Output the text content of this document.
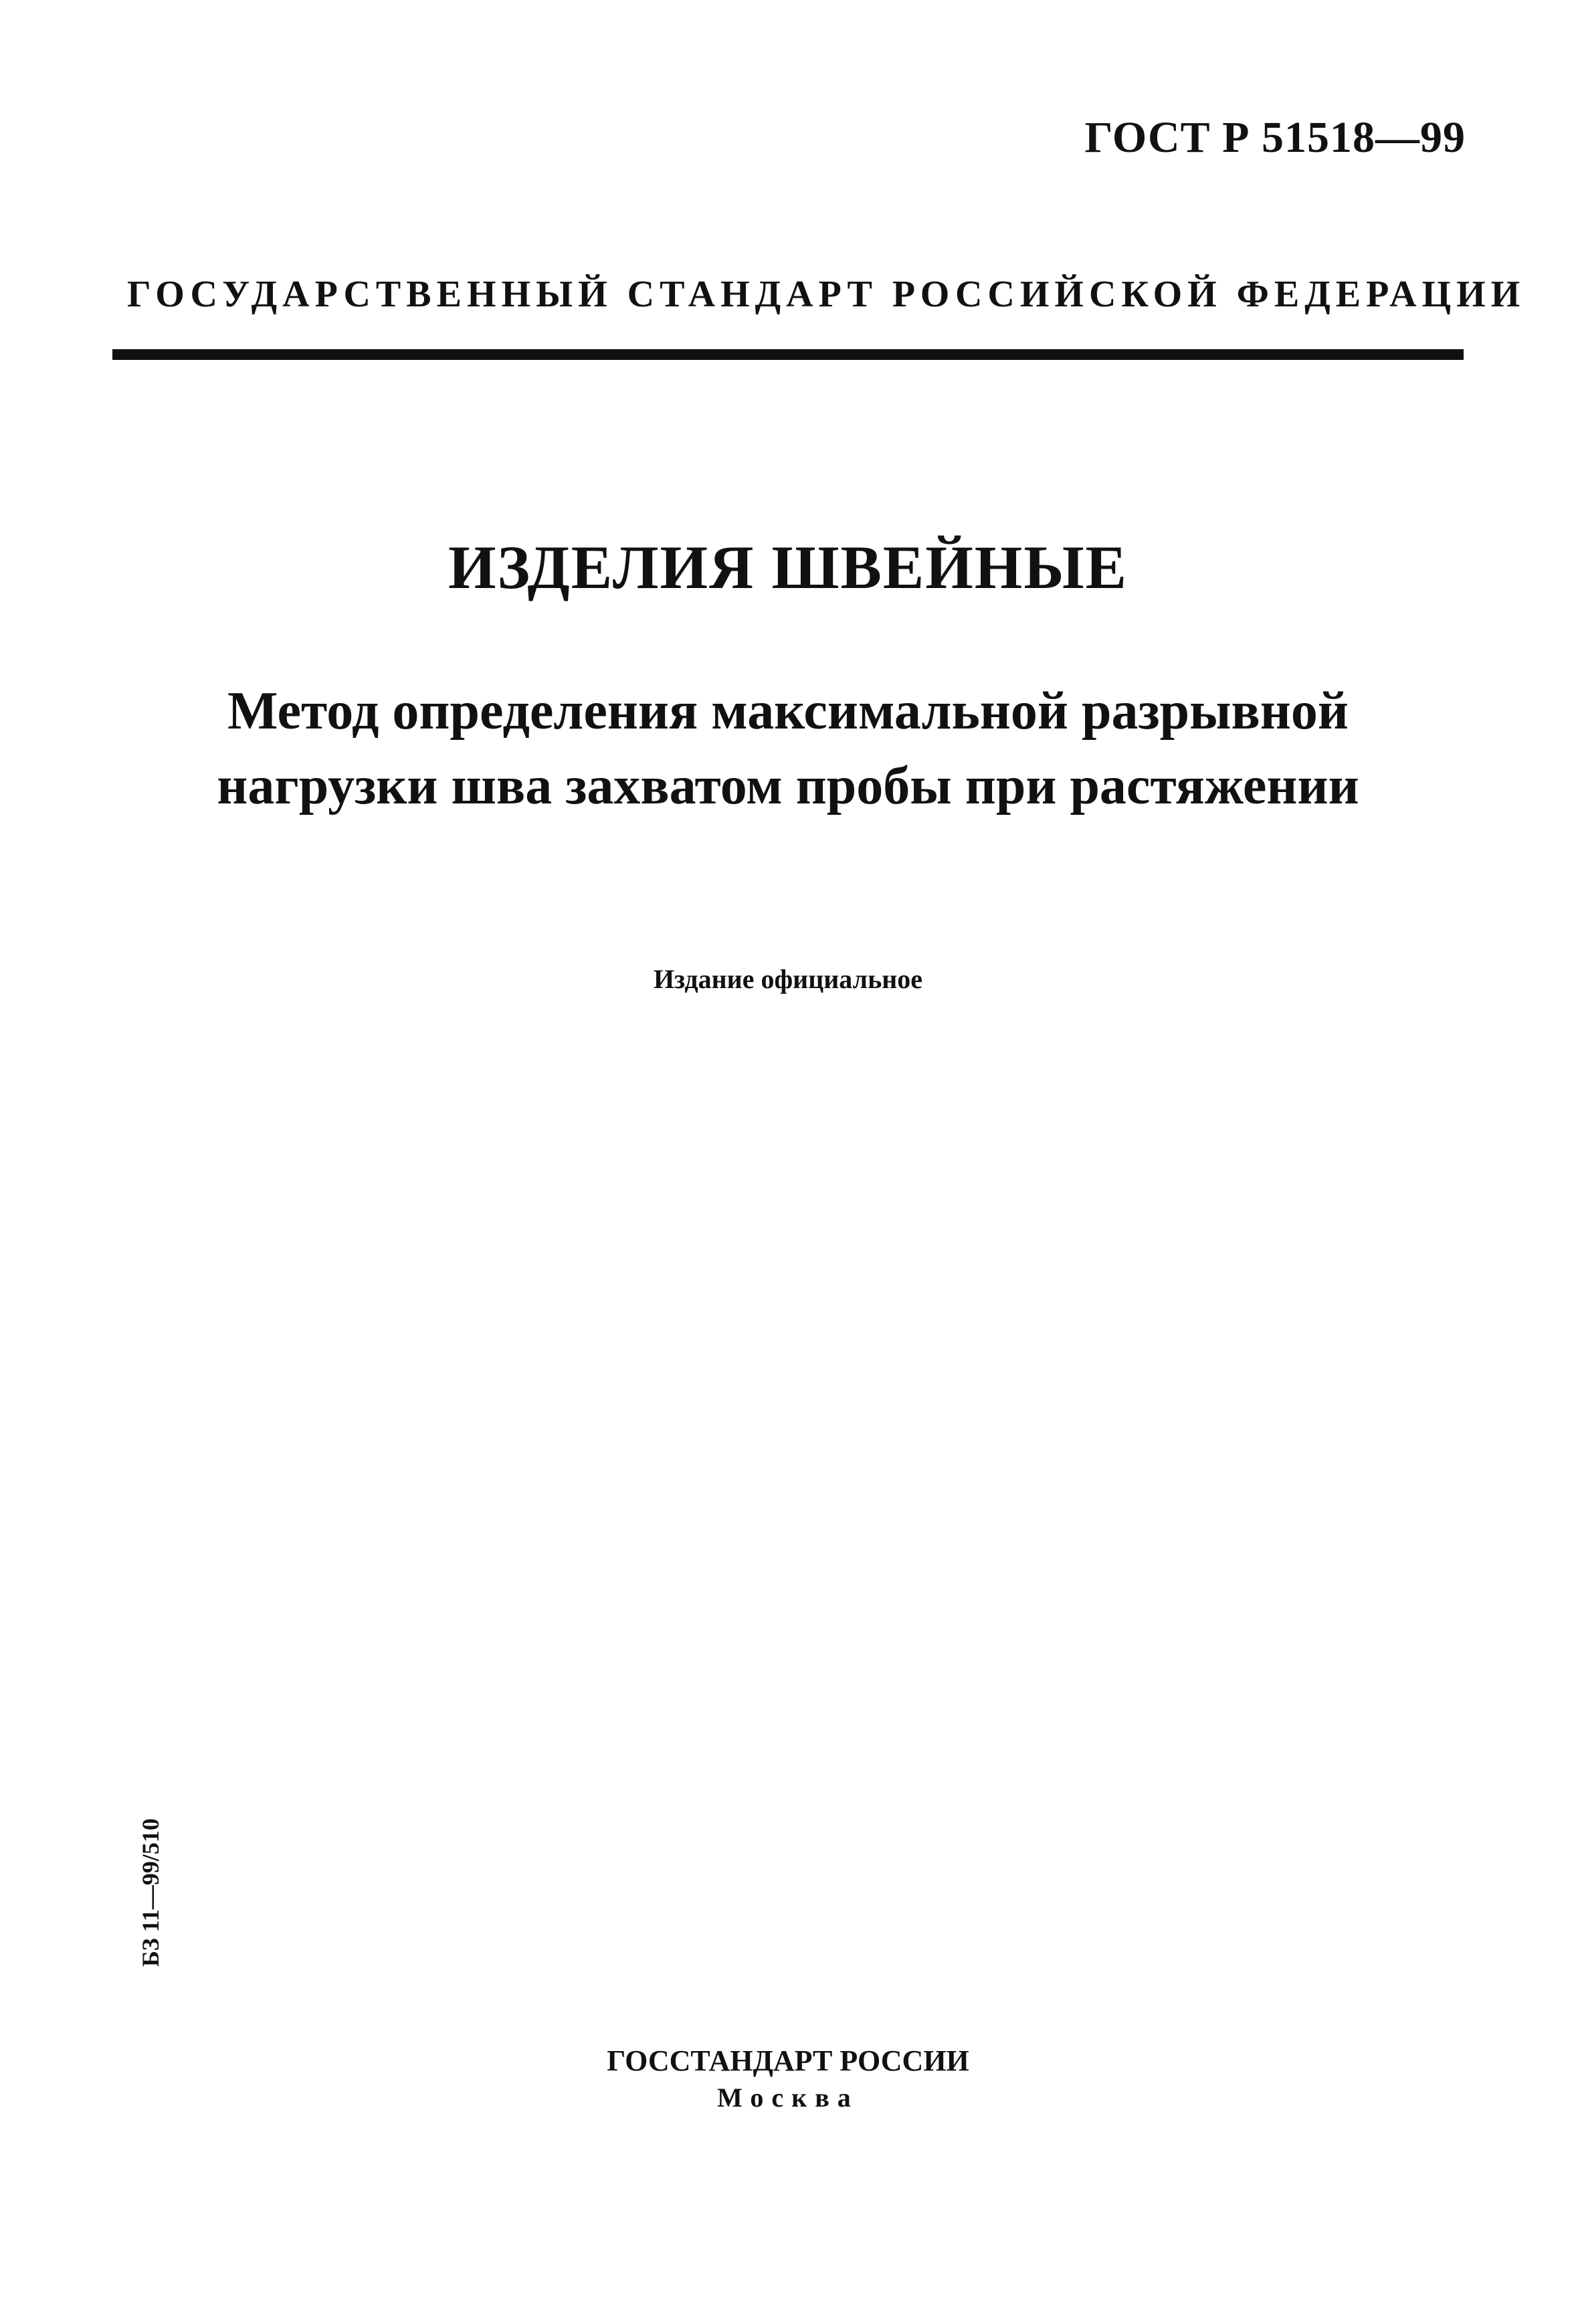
ГОСТ Р 51518—99
ГОСУДАРСТВЕННЫЙ СТАНДАРТ РОССИЙСКОЙ ФЕДЕРАЦИИ
ИЗДЕЛИЯ ШВЕЙНЫЕ
Метод определения максимальной разрывной
нагрузки шва захватом пробы при растяжении
Издание официальное
БЗ 11—99/510
ГОССТАНДАРТ РОССИИ
Москва
